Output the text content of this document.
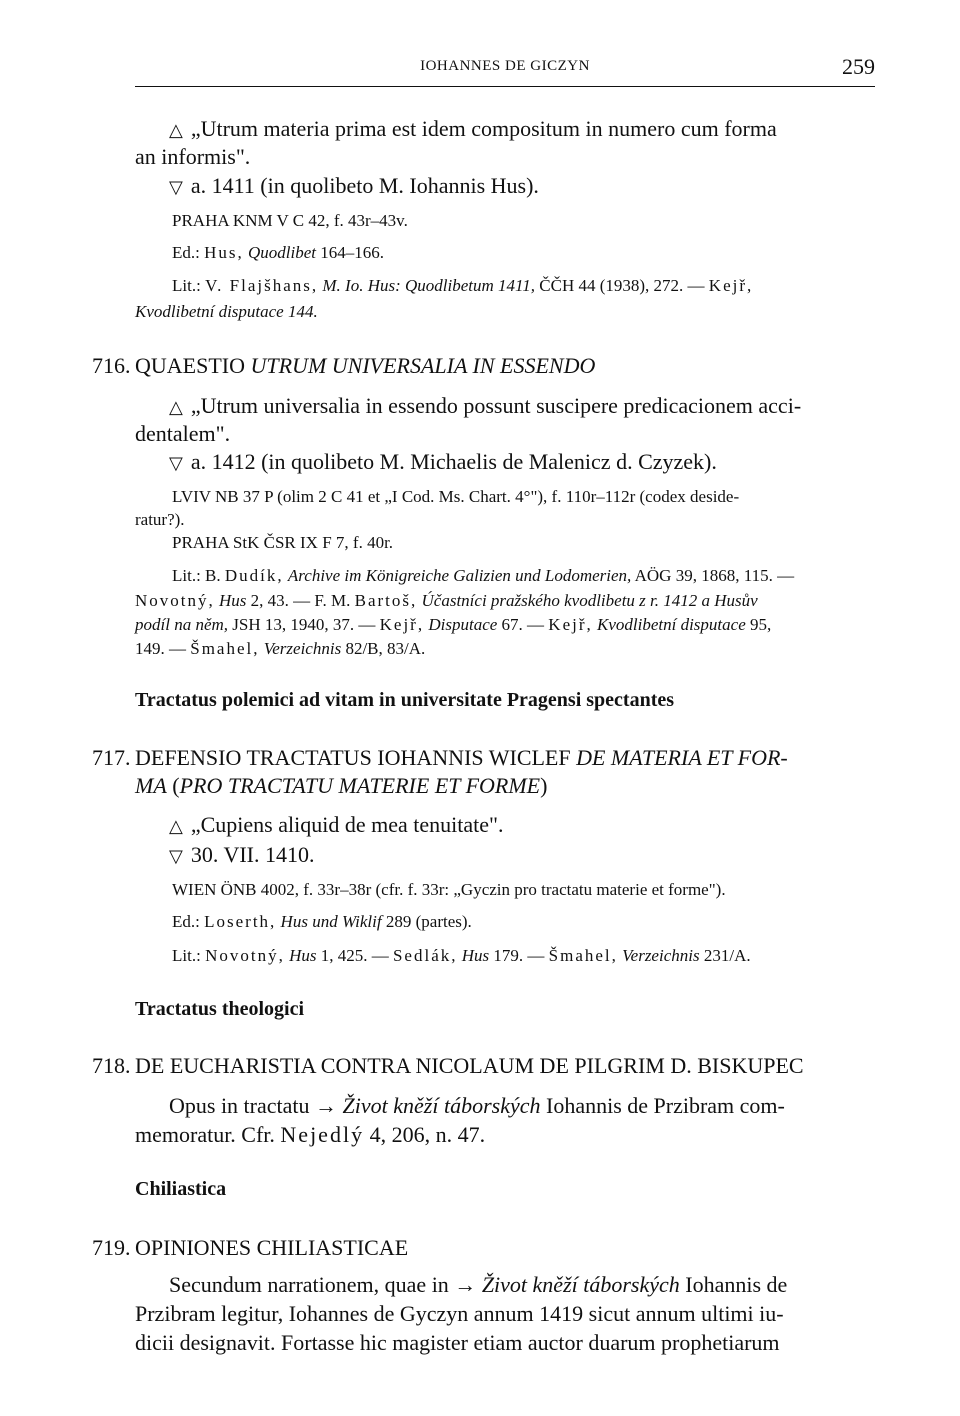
IOHANNES DE GICZYN	259
△ „Utrum materia prima est idem compositum in numero cum forma
an informis".
▽ a. 1411 (in quolibeto M. Iohannis Hus).
PRAHA KNM V C 42, f. 43r–43v.
Ed.: Hus, Quodlibet 164–166.
Lit.: V. Flajšhans, M. Io. Hus: Quodlibetum 1411, ČČH 44 (1938), 272. — Kejř,
Kvodlibetní disputace 144.
716. QUAESTIO UTRUM UNIVERSALIA IN ESSENDO
△ „Utrum universalia in essendo possunt suscipere predicacionem acci-
dentalem".
▽ a. 1412 (in quolibeto M. Michaelis de Malenicz d. Czyzek).
LVIV NB 37 P (olim 2 C 41 et „I Cod. Ms. Chart. 4°"), f. 110r–112r (codex deside-
ratur?).
PRAHA StK ČSR IX F 7, f. 40r.
Lit.: B. Dudík, Archive im Königreiche Galizien und Lodomerien, AÖG 39, 1868, 115. —
Novotný, Hus 2, 43. — F. M. Bartoš, Účastníci pražského kvodlibetu z r. 1412 a Husův
podíl na něm, JSH 13, 1940, 37. — Kejř, Disputace 67. — Kejř, Kvodlibetní disputace 95,
149. — Šmahel, Verzeichnis 82/B, 83/A.
Tractatus polemici ad vitam in universitate Pragensi spectantes
717. DEFENSIO TRACTATUS IOHANNIS WICLEF DE MATERIA ET FOR-
MA (PRO TRACTATU MATERIE ET FORME)
△ „Cupiens aliquid de mea tenuitate".
▽ 30. VII. 1410.
WIEN ÖNB 4002, f. 33r–38r (cfr. f. 33r: „Gyczin pro tractatu materie et forme").
Ed.: Loserth, Hus und Wiklif 289 (partes).
Lit.: Novotný, Hus 1, 425. — Sedlák, Hus 179. — Šmahel, Verzeichnis 231/A.
Tractatus theologici
718. DE EUCHARISTIA CONTRA NICOLAUM DE PILGRIM D. BISKUPEC
Opus in tractatu → Život kněží táborských Iohannis de Przibram com-
memoratur. Cfr. Nejedlý 4, 206, n. 47.
Chiliastica
719. OPINIONES CHILIASTICAE
Secundum narrationem, quae in → Život kněží táborských Iohannis de
Przibram legitur, Iohannes de Gyczyn annum 1419 sicut annum ultimi iu-
dicii designavit. Fortasse hic magister etiam auctor duarum prophetiarum
